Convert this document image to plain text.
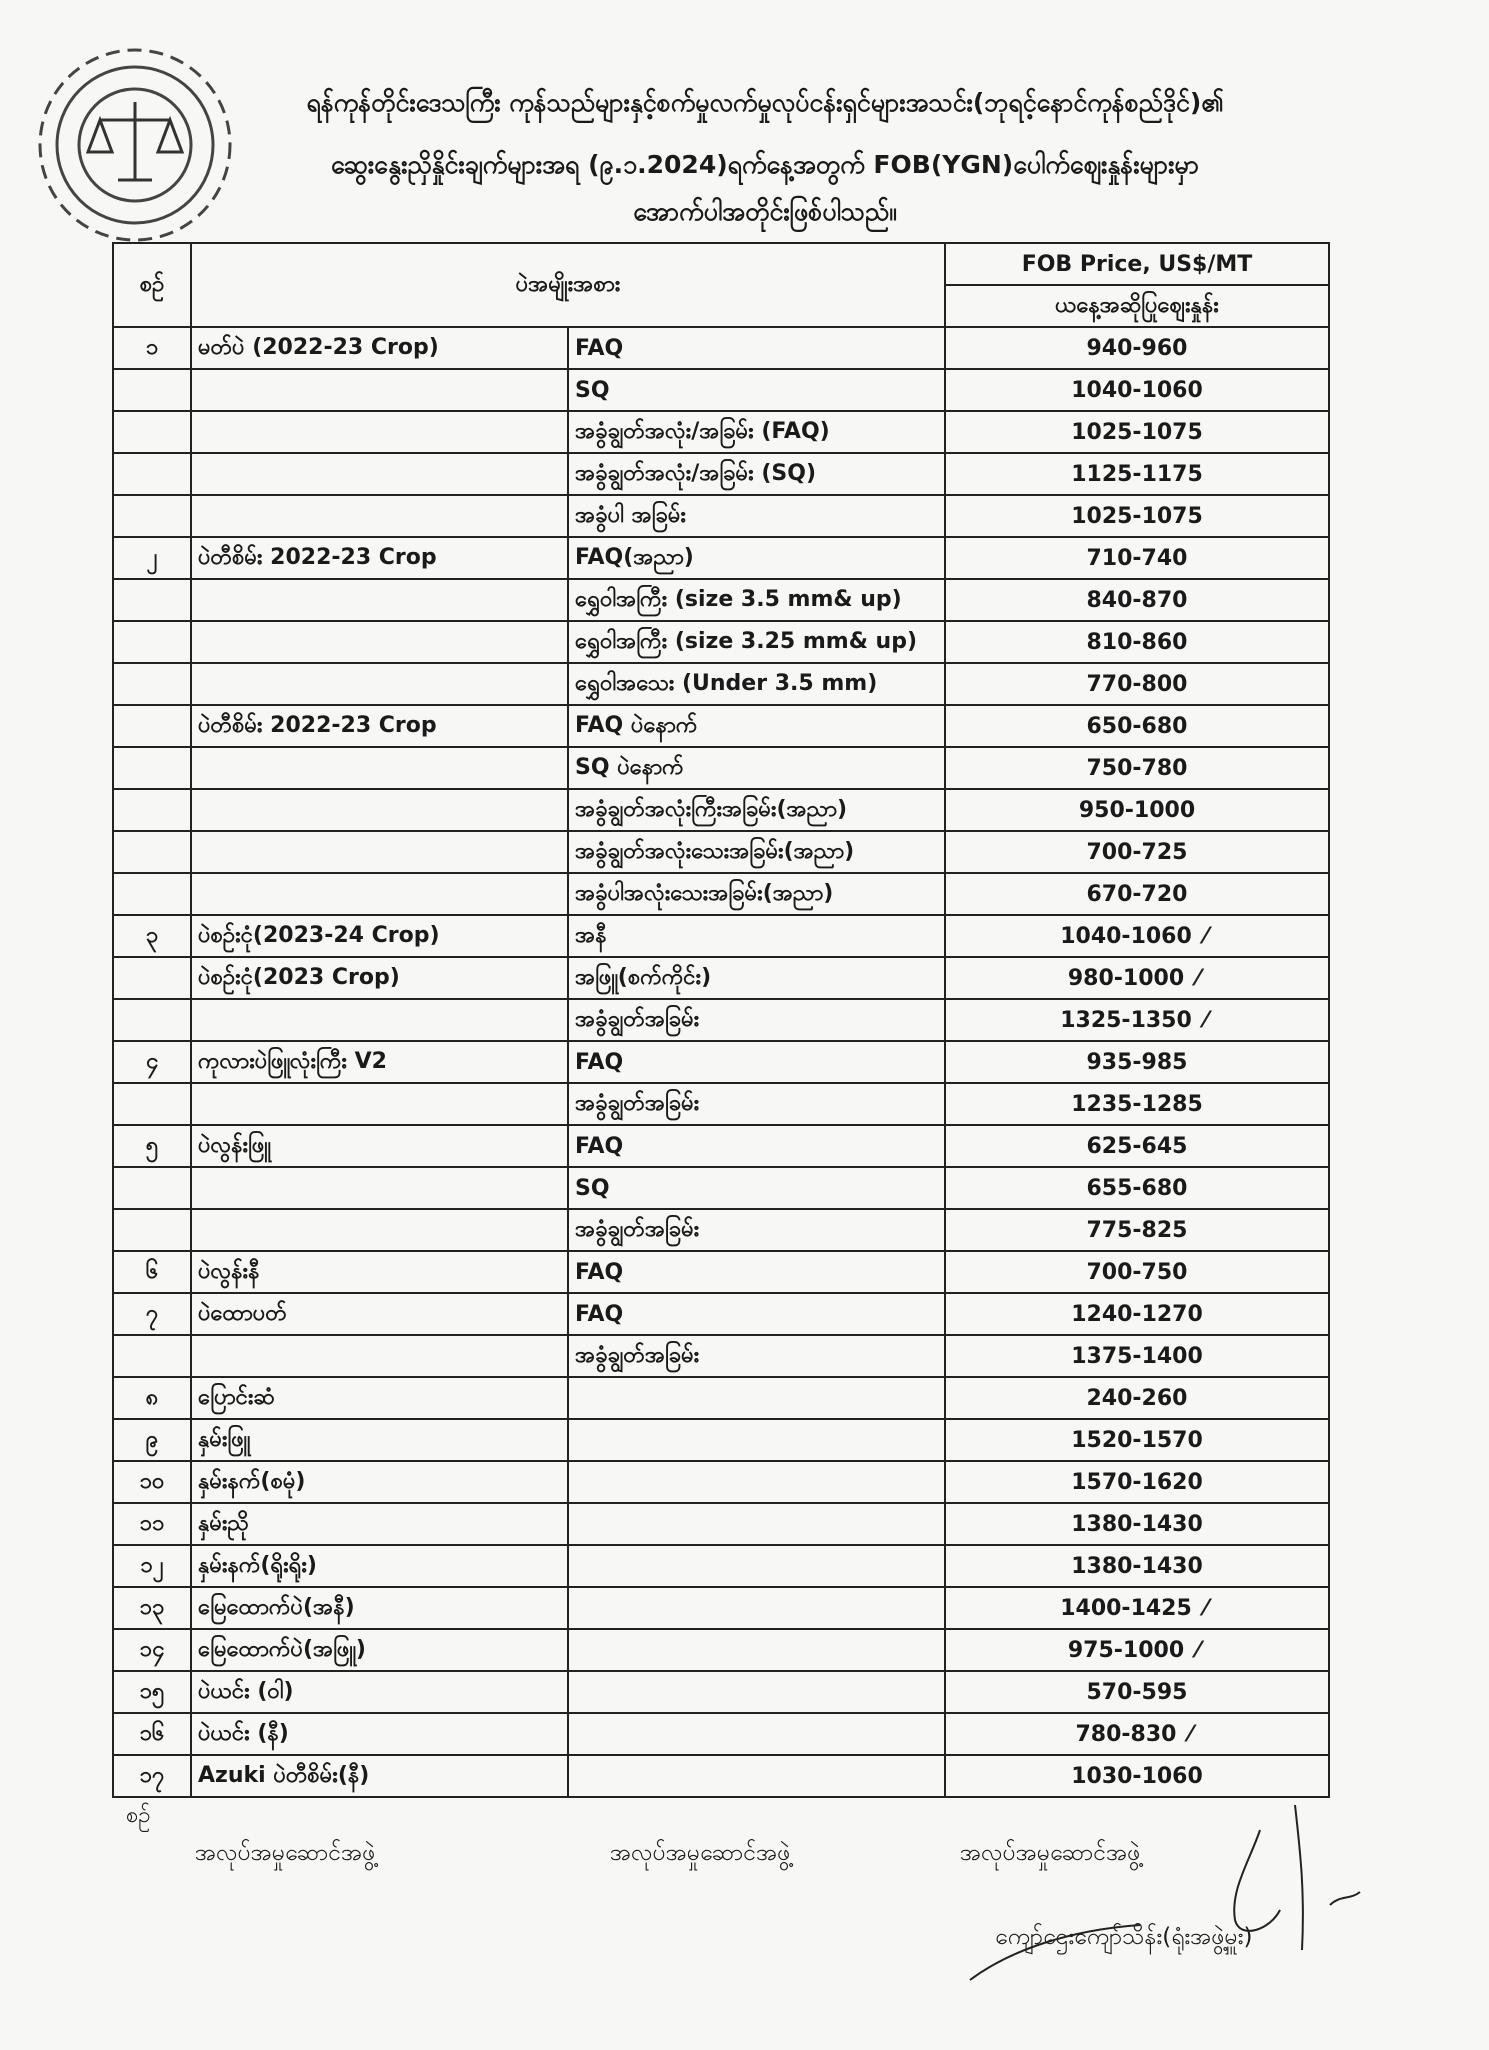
ရန်ကုန်တိုင်းဒေသကြီး ကုန်သည်များနှင့်စက်မှုလက်မှုလုပ်ငန်းရှင်များအသင်း(ဘုရင့်နောင်ကုန်စည်ဒိုင်)၏
ဆွေးနွေးညှိနှိုင်းချက်များအရ (၉.၁.2024)ရက်နေ့အတွက် FOB(YGN)ပေါက်ဈေးနှုန်းများမှာ
အောက်ပါအတိုင်းဖြစ်ပါသည်။
စဉ်	ပဲအမျိုးအစား		FOB Price, US$/MT
			ယနေ့အဆိုပြုဈေးနှုန်း
၁	မတ်ပဲ (2022-23 Crop)	FAQ	940-960
		SQ	1040-1060
		အခွံချွတ်အလုံး/အခြမ်း (FAQ)	1025-1075
		အခွံချွတ်အလုံး/အခြမ်း (SQ)	1125-1175
		အခွံပါ အခြမ်း	1025-1075
၂	ပဲတီစိမ်း 2022-23 Crop	FAQ(အညာ)	710-740
		ရွှေဝါအကြီး (size 3.5 mm& up)	840-870
		ရွှေဝါအကြီး (size 3.25 mm& up)	810-860
		ရွှေဝါအသေး (Under 3.5 mm)	770-800
	ပဲတီစိမ်း 2022-23 Crop	FAQ ပဲနောက်	650-680
		SQ ပဲနောက်	750-780
		အခွံချွတ်အလုံးကြီးအခြမ်း(အညာ)	950-1000
		အခွံချွတ်အလုံးသေးအခြမ်း(အညာ)	700-725
		အခွံပါအလုံးသေးအခြမ်း(အညာ)	670-720
၃	ပဲစဉ်းငုံ(2023-24 Crop)	အနီ	1040-1060 ⁄
	ပဲစဉ်းငုံ(2023 Crop)	အဖြူ(စက်ကိုင်း)	980-1000 ⁄
		အခွံချွတ်အခြမ်း	1325-1350 ⁄
၄	ကုလားပဲဖြူလုံးကြီး V2	FAQ	935-985
		အခွံချွတ်အခြမ်း	1235-1285
၅	ပဲလွန်းဖြူ	FAQ	625-645
		SQ	655-680
		အခွံချွတ်အခြမ်း	775-825
၆	ပဲလွန်းနီ	FAQ	700-750
၇	ပဲထောပတ်	FAQ	1240-1270
		အခွံချွတ်အခြမ်း	1375-1400
၈	ပြောင်းဆံ		240-260
၉	နှမ်းဖြူ		1520-1570
၁၀	နှမ်းနက်(စမုံ)		1570-1620
၁၁	နှမ်းညို		1380-1430
၁၂	နှမ်းနက်(ရိုးရိုး)		1380-1430
၁၃	မြေထောက်ပဲ(အနီ)		1400-1425 ⁄
၁၄	မြေထောက်ပဲ(အဖြူ)		975-1000 ⁄
၁၅	ပဲယင်း (ဝါ)		570-595
၁၆	ပဲယင်း (နီ)		780-830 ⁄
၁၇	Azuki ပဲတီစိမ်း(နီ)		1030-1060
စဉ်
အလုပ်အမှုဆောင်အဖွဲ့	အလုပ်အမှုဆောင်အဖွဲ့	အလုပ်အမှုဆောင်အဖွဲ့
ကျော်ဌေးကျော်သိန်း(ရုံးအဖွဲ့မှူး)
